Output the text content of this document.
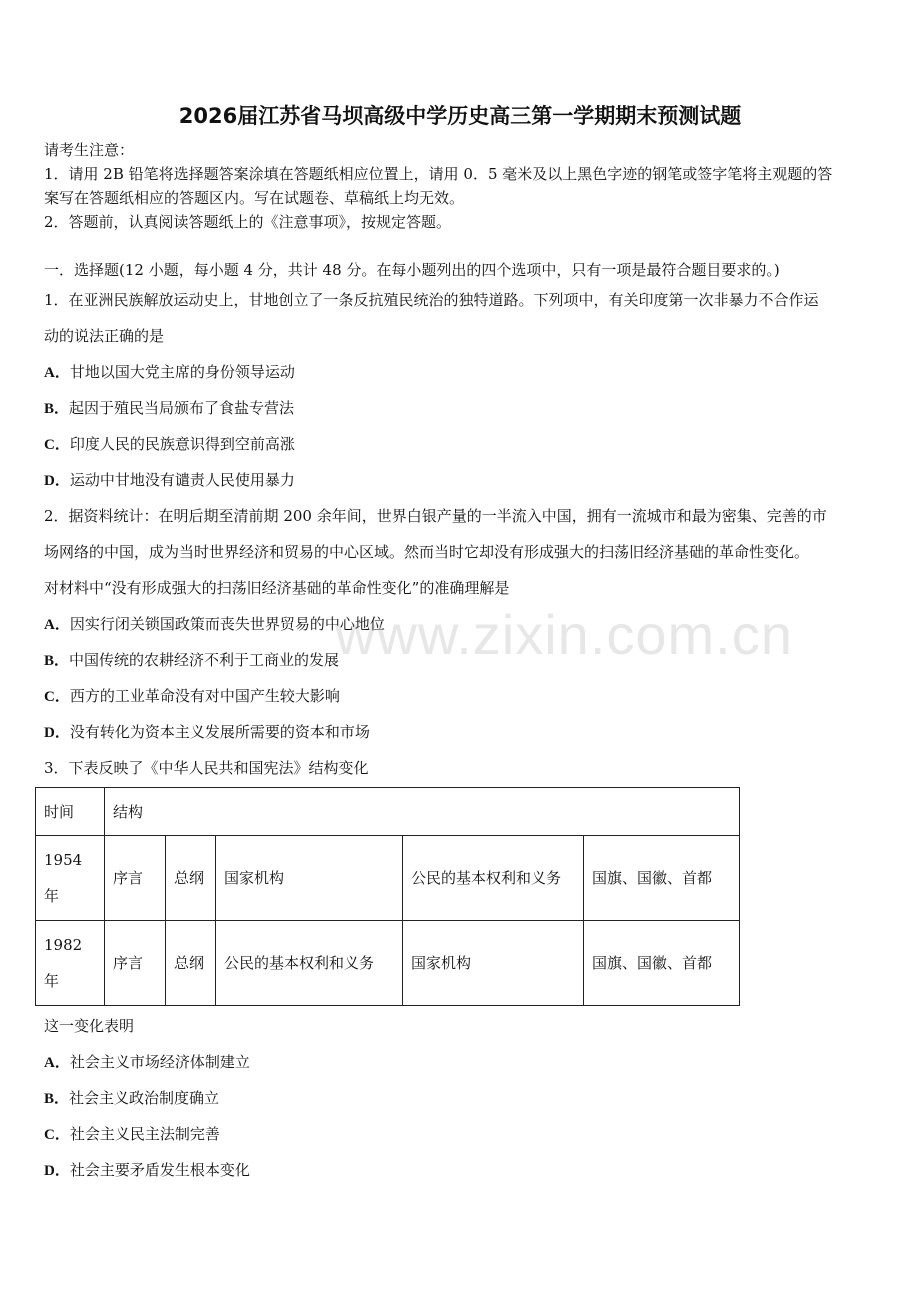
2026届江苏省马坝高级中学历史高三第一学期期末预测试题
请考生注意：
1．请用 2B 铅笔将选择题答案涂填在答题纸相应位置上，请用 0．5 毫米及以上黑色字迹的钢笔或签字笔将主观题的答
案写在答题纸相应的答题区内。写在试题卷、草稿纸上均无效。
2．答题前，认真阅读答题纸上的《注意事项》，按规定答题。
一．选择题(12 小题，每小题 4 分，共计 48 分。在每小题列出的四个选项中，只有一项是最符合题目要求的。)
1．在亚洲民族解放运动史上，甘地创立了一条反抗殖民统治的独特道路。下列项中，有关印度第一次非暴力不合作运
动的说法正确的是
A．甘地以国大党主席的身份领导运动
B．起因于殖民当局颁布了食盐专营法
C．印度人民的民族意识得到空前高涨
D．运动中甘地没有谴责人民使用暴力
2．据资料统计：在明后期至清前期 200 余年间，世界白银产量的一半流入中国，拥有一流城市和最为密集、完善的市
场网络的中国，成为当时世界经济和贸易的中心区域。然而当时它却没有形成强大的扫荡旧经济基础的革命性变化。
对材料中“没有形成强大的扫荡旧经济基础的革命性变化”的准确理解是
A．因实行闭关锁国政策而丧失世界贸易的中心地位
B．中国传统的农耕经济不利于工商业的发展
C．西方的工业革命没有对中国产生较大影响
D．没有转化为资本主义发展所需要的资本和市场
3．下表反映了《中华人民共和国宪法》结构变化
时间	结构				
1954
年	序言	总纲	国家机构	公民的基本权利和义务	国旗、国徽、首都
1982
年	序言	总纲	公民的基本权利和义务	国家机构	国旗、国徽、首都
这一变化表明
A．社会主义市场经济体制建立
B．社会主义政治制度确立
C．社会主义民主法制完善
D．社会主要矛盾发生根本变化
www.zixin.com.cn
